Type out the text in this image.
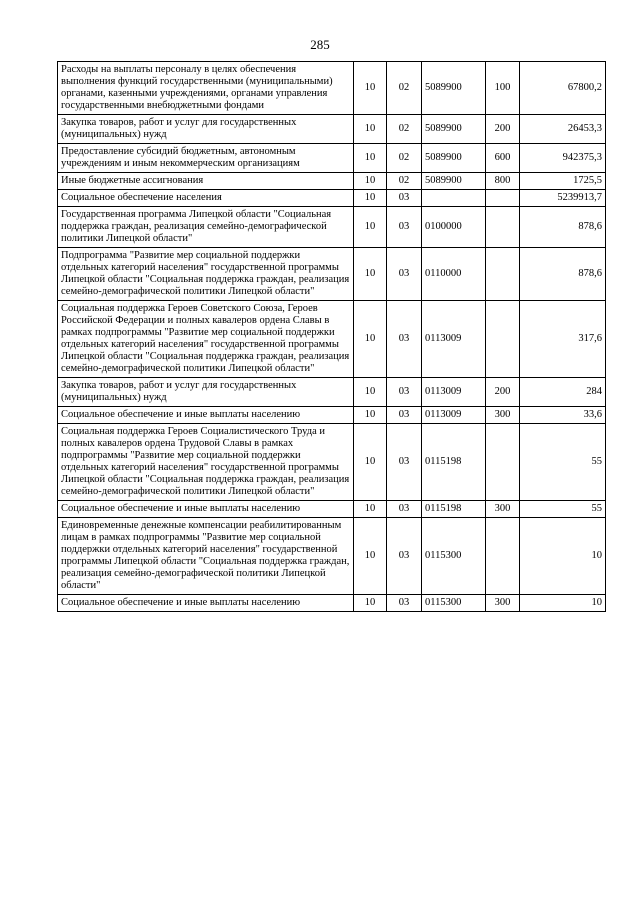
285
Расходы на выплаты персоналу в целях обеспечения выполнения функций государственными (муниципальными) органами, казенными учреждениями, органами управления государственными внебюджетными фондами	10	02	5089900	100	67800,2
Закупка товаров, работ и услуг для государственных (муниципальных) нужд	10	02	5089900	200	26453,3
Предоставление субсидий бюджетным, автономным учреждениям и иным некоммерческим организациям	10	02	5089900	600	942375,3
Иные бюджетные ассигнования	10	02	5089900	800	1725,5
Социальное обеспечение населения	10	03			5239913,7
Государственная программа Липецкой области "Социальная поддержка граждан, реализация семейно-демографической политики Липецкой области"	10	03	0100000		878,6
Подпрограмма "Развитие мер социальной поддержки отдельных категорий населения" государственной программы Липецкой области "Социальная поддержка граждан, реализация семейно-демографической политики Липецкой области"	10	03	0110000		878,6
Социальная поддержка Героев Советского Союза, Героев Российской Федерации и полных кавалеров ордена Славы в рамках подпрограммы "Развитие мер социальной поддержки отдельных категорий населения" государственной программы Липецкой области "Социальная поддержка граждан, реализация семейно-демографической политики Липецкой области"	10	03	0113009		317,6
Закупка товаров, работ и услуг для государственных (муниципальных) нужд	10	03	0113009	200	284
Социальное обеспечение и иные выплаты населению	10	03	0113009	300	33,6
Социальная поддержка Героев Социалистического Труда и полных кавалеров ордена Трудовой Славы в рамках подпрограммы "Развитие мер социальной поддержки отдельных категорий населения" государственной программы Липецкой области "Социальная поддержка граждан, реализация семейно-демографической политики Липецкой области"	10	03	0115198		55
Социальное обеспечение и иные выплаты населению	10	03	0115198	300	55
Единовременные денежные компенсации реабилитированным лицам в рамках подпрограммы "Развитие мер социальной поддержки отдельных категорий населения" государственной программы Липецкой области "Социальная поддержка граждан, реализация семейно-демографической политики Липецкой области"	10	03	0115300		10
Социальное обеспечение и иные выплаты населению	10	03	0115300	300	10
